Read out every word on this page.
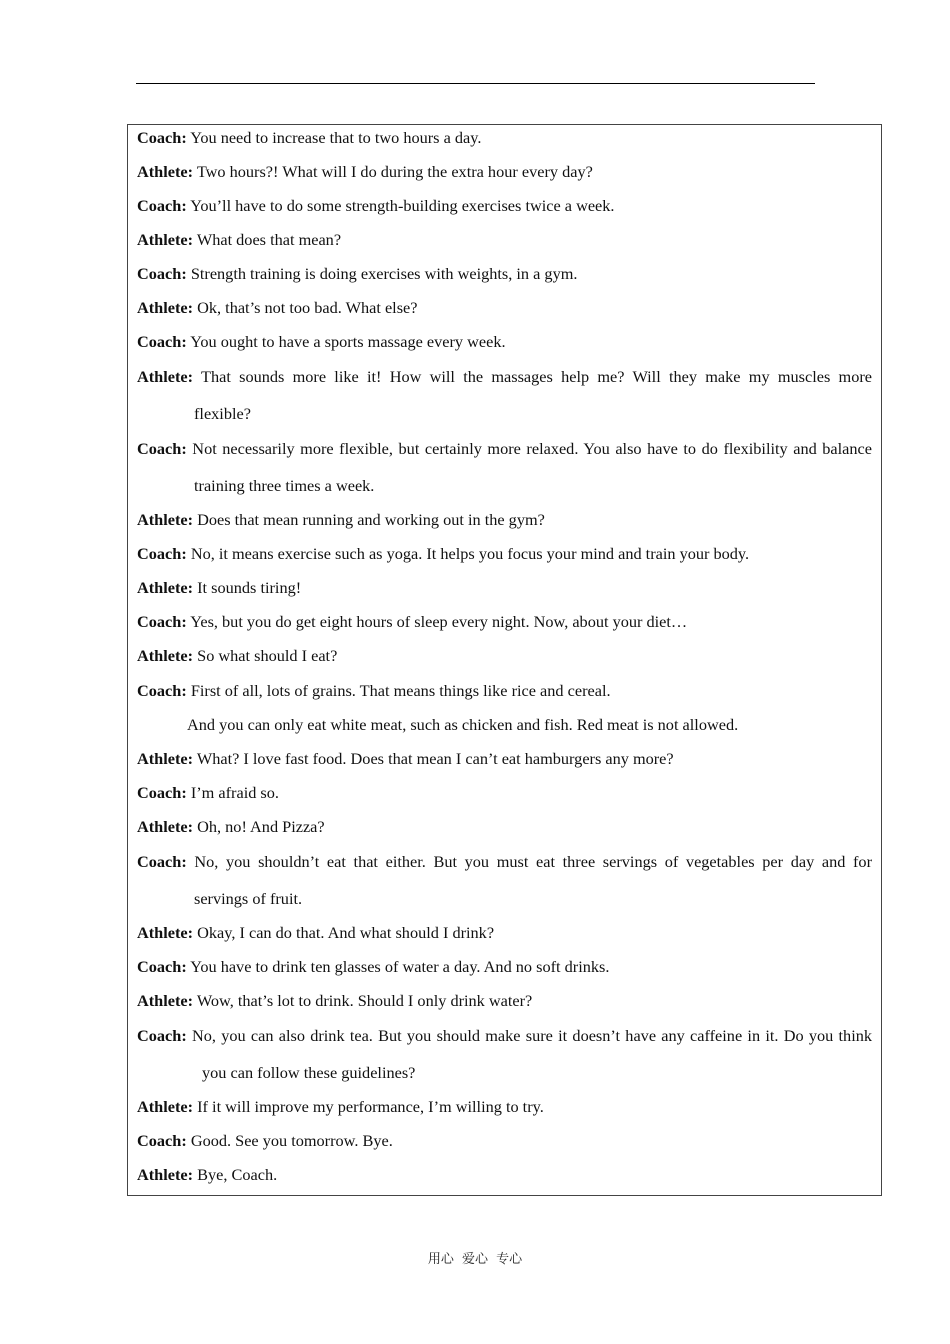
Coach: You need to increase that to two hours a day.
Athlete: Two hours?! What will I do during the extra hour every day?
Coach: You’ll have to do some strength-building exercises twice a week.
Athlete: What does that mean?
Coach: Strength training is doing exercises with weights, in a gym.
Athlete: Ok, that’s not too bad. What else?
Coach: You ought to have a sports massage every week.
Athlete: That sounds more like it! How will the massages help me? Will they make my muscles more
flexible?
Coach: Not necessarily more flexible, but certainly more relaxed. You also have to do flexibility and balance
training three times a week.
Athlete: Does that mean running and working out in the gym?
Coach: No, it means exercise such as yoga. It helps you focus your mind and train your body.
Athlete: It sounds tiring!
Coach: Yes, but you do get eight hours of sleep every night. Now, about your diet…
Athlete: So what should I eat?
Coach: First of all, lots of grains. That means things like rice and cereal.
And you can only eat white meat, such as chicken and fish. Red meat is not allowed.
Athlete: What? I love fast food. Does that mean I can’t eat hamburgers any more?
Coach: I’m afraid so.
Athlete: Oh, no! And Pizza?
Coach: No, you shouldn’t eat that either. But you must eat three servings of vegetables per day and for
servings of fruit.
Athlete: Okay, I can do that. And what should I drink?
Coach: You have to drink ten glasses of water a day. And no soft drinks.
Athlete: Wow, that’s lot to drink. Should I only drink water?
Coach: No, you can also drink tea. But you should make sure it doesn’t have any caffeine in it. Do you think
you can follow these guidelines?
Athlete: If it will improve my performance, I’m willing to try.
Coach: Good. See you tomorrow. Bye.
Athlete: Bye, Coach.
用心 爱心 专心
